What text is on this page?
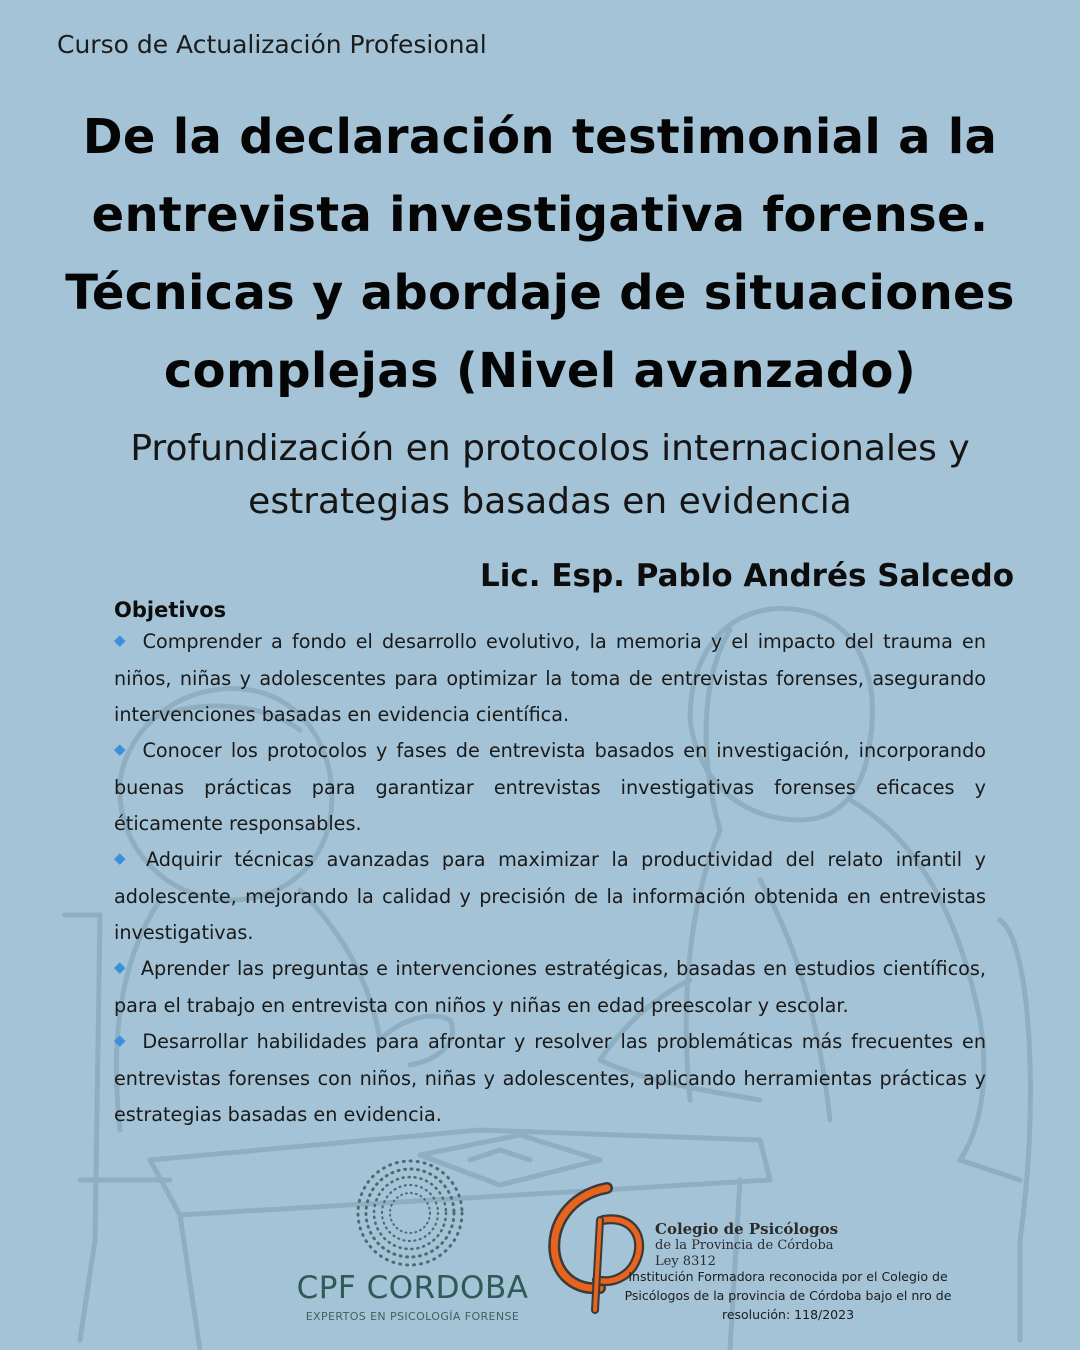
Curso de Actualización Profesional
De la declaración testimonial a la
entrevista investigativa forense.
Técnicas y abordaje de situaciones
complejas (Nivel avanzado)

Profundización en protocolos internacionales y
estrategias basadas en evidencia

Lic. Esp. Pablo Andrés Salcedo
Objetivos
◆ Comprender a fondo el desarrollo evolutivo, la memoria y el impacto del trauma en niños, niñas y adolescentes para optimizar la toma de entrevistas forenses, asegurando intervenciones basadas en evidencia científica.
◆ Conocer los protocolos y fases de entrevista basados en investigación, incorporando buenas prácticas para garantizar entrevistas investigativas forenses eficaces y éticamente responsables.
◆ Adquirir técnicas avanzadas para maximizar la productividad del relato infantil y adolescente, mejorando la calidad y precisión de la información obtenida en entrevistas investigativas.
◆ Aprender las preguntas e intervenciones estratégicas, basadas en estudios científicos, para el trabajo en entrevista con niños y niñas en edad preescolar y escolar.
◆ Desarrollar habilidades para afrontar y resolver las problemáticas más frecuentes en entrevistas forenses con niños, niñas y adolescentes, aplicando herramientas prácticas y estrategias basadas en evidencia.
CPF CORDOBA
EXPERTOS EN PSICOLOGÍA FORENSE
Colegio de Psicólogos
de la Provincia de Córdoba
Ley 8312
Institución Formadora reconocida por el Colegio de Psicólogos de la provincia de Córdoba bajo el nro de resolución: 118/2023
